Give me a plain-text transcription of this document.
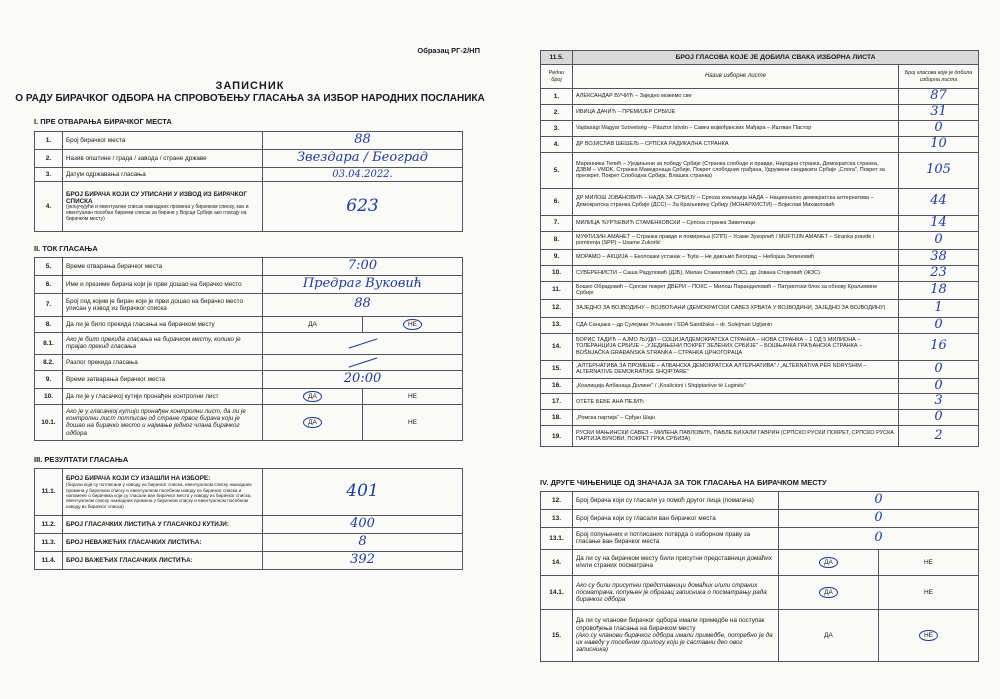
Образац РГ-2/НП
ЗАПИСНИК
О РАДУ БИРАЧКОГ ОДБОРА НА СПРОВОЂЕЊУ ГЛАСАЊА ЗА ИЗБОР НАРОДНИХ ПОСЛАНИКА
I. ПРЕ ОТВАРАЊА БИРАЧКОГ МЕСТА
1.	Број бирачког места	88
2.	Назив општине / града / завода / стране државе	Звездара / Београд
3.	Датум одржавања гласања	03.04.2022.
4.	БРОЈ БИРАЧА КОЈИ СУ УПИСАНИ У ИЗВОД ИЗ БИРАЧКОГ СПИСКА
(укључујући и евентуални списак накнадних промена у бирачком списку, као и евентуалан посебан бирачки списак за бираче у Војсци Србије ако гласају на бирачком месту)	623
II. ТОК ГЛАСАЊА
5.	Време отварања бирачког места	7:00	
6.	Име и презиме бирача који је први дошао на бирачко место	Предраг Вуковић	
7.	Број под којим је бирач који је први дошао на бирачко место уписан у извод из бирачког списка	88	
8.	Да ли је било прекида гласања на бирачком месту	ДА	НЕ
8.1.	Ако је било прекида гласања на бирачком месту, колико је трајао прекид гласања		
8.2.	Разлог прекида гласања		
9.	Време затварања бирачког места	20:00	
10.	Да ли је у гласачкој кутији пронађен контролни лист	ДА	НЕ
10.1.	Ако је у гласачкој кутији пронађен контролни лист, да ли је контролни лист потписан од стране првог бирача који је дошао на бирачко место и најмање једног члана бирачког одбора	ДА	НЕ
III. РЕЗУЛТАТИ ГЛАСАЊА
11.1.	БРОЈ БИРАЧА КОЈИ СУ ИЗАШЛИ НА ИЗБОРЕ:
(бирачи који су потписани у изводу из бирачког списка, евентуалном списку накнадних промена у бирачком списку и евентуалном посебном изводу из бирачког списка и напомене о бирачима који су гласали ван бирачког места у изводу из бирачког списка, евентуалном списку накнадних промена у бирачком списку и евентуалном посебном изводу из бирачког списка)	401
11.2.	БРОЈ ГЛАСАЧКИХ ЛИСТИЋА У ГЛАСАЧКОЈ КУТИЈИ:	400
11.3.	БРОЈ НЕВАЖЕЋИХ ГЛАСАЧКИХ ЛИСТИЋА:	8
11.4.	БРОЈ ВАЖЕЋИХ ГЛАСАЧКИХ ЛИСТИЋА:	392
11.5.	БРОЈ ГЛАСОВА КОЈЕ ЈЕ ДОБИЛА СВАКА ИЗБОРНА ЛИСТА	
Редни број	Назив изборне листе	Број гласова које је добила изборна листа
1.	АЛЕКСАНДАР ВУЧИЋ – Заједно можемо све	87
2.	ИВИЦА ДАЧИЋ – ПРЕМИЈЕР СРБИЈЕ	31
3.	Vajdasági Magyar Szövetség – Pásztor István – Савез војвођанских Мађара – Иштван Пастор	0
4.	ДР ВОЈИСЛАВ ШЕШЕЉ – СРПСКА РАДИКАЛНА СТРАНКА	10
5.	Маринника Тепић – Уједињени за победу Србије (Странка слободе и правде, Народна странка, Демократска странка, ДЗВМ – VMDK, Странка Македонаца Србије, Покрет слободних грађана, Удружени синдикати Србије „Слога", Покрет за преокрет, Покрет Слободна Србија, Влашка странка)	105
6.	ДР МИЛОШ ЈОВАНОВИЋ – НАДА ЗА СРБИЈУ – Српска коалиција НАДА – Национално демократска алтернатива – Демократска странка Србије (ДСС) – За Краљевину Србију (МОНАРХИСТИ) – Војислав Михаиловић	44
7.	МИЛИЦА ЂУРЂЕВИЋ СТАМЕНКОВСКИ – Српска странка Заветници	14
8.	МУФТИЈИН АМАНЕТ – Странка правде и помирења (СПП) – Усаме Зукорлић / MUFTIJIN AMANET – Stranka pravde i pomirenja (SPP) – Usame Zukorlić	0
9.	МОРАМО – АКЦИЈА – Еколошки устанак – Ђуta – Не дављмо Београд – Небојша Зеленовић	38
10.	СУВЕРЕНИСТИ – Саша Радуловић (ДЈБ), Милан Стаматовић (ЗС), др Јована Стојковић (ЖЗС)	23
11.	Бошко Обрадовић – Српски покрет ДВЕРИ – ПОКС – Милош Парандиловић – Патриотски блок за обнову Краљевине Србије	18
12.	ЗАЈЕДНО ЗА ВОЈВОДИНУ – ВОЈВОЂАНИ (ДЕМОКРАТСКИ САВЕЗ ХРВАТА У ВОЈВОДИНИ, ЗАЈЕДНО ЗА ВОЈВОДИНУ)	1
13.	СДА Санџака – др Сулејман Угљанин / SDA Sandžaka – dr. Sulejman Ugljanin	0
14.	БОРИС ТАДИЋ – АЈМО ЉУДИ – СОЦИЈАЛДЕМОКРАТСКА СТРАНКА – НОВА СТРАНКА – 1 ОД 5 МИЛИОНА – ТОЛЕРАНЦИЈА СРБИЈЕ – „УЈЕДИЊЕНИ ПОКРЕТ ЗЕЛЕНИХ СРБИЈЕ" – БОШЊАЧКА ГРАЂАНСКА СТРАНКА – BOŠNJAČKA GRAĐANSKA STRANKA – СТРАНКА ЦРНОГОРАЦА	16
15.	„АЛТЕРНАТИВА ЗА ПРОМЕНЕ – АЛБАНСКА ДЕМОКРАТСКА АЛТЕРНАТИВА" / „ALTERNATIVA PËR NDRYSHIM – ALTERNATIVE DEMOKRATIKE SHQIPTARE"	0
16.	„Коалиција Албанаца Долине" / „Koalicioni i Shqiptarëve të Luginës"	0
17.	ОТЕТЕ БЕБЕ АНА ПЕЈИЋ	3
18.	„Ромска партија" – Срђан Шајн	0
19.	РУСКИ МАЊИНСКИ САВЕЗ – МИЛЕНА ПАВЛОВИЋ, ПАВЛЕ БИХАЛИ ГАВРИН (СРПСКО РУСКИ ПОКРЕТ, СРПСКО РУСКА ПАРТИЈА ВУКОВИ, ПОКРЕТ ГРКА СРБИЗА)	2
IV. ДРУГЕ ЧИЊЕНИЦЕ ОД ЗНАЧАЈА ЗА ТОК ГЛАСАЊА НА БИРАЧКОМ МЕСТУ
12.	Број бирача који су гласали уз помоћ другог лица (помагача)	0	
13.	Број бирача који су гласали ван бирачког места	0	
13.1.	Број попуњених и потписаних потврда о изборном праву за гласање ван бирачког места	0	
14.	Да ли су на бирачком месту били присутни представници домаћих и/или страних посматрача	ДА	НЕ
14.1.	Ако су били присутни представници домаћих и/или страних посматрача, попуњен је образац записника о посматрању рада бирачког одбора	ДА	НЕ
15.	Да ли су чланови бирачког одбора имали примедбе на поступак спровођења гласања на бирачком месту
(Ако су чланови бирачког одбора имали примедбе, потребно је да их наведу у посебном прилогу који је саставни део овог записника)	ДА	НЕ
